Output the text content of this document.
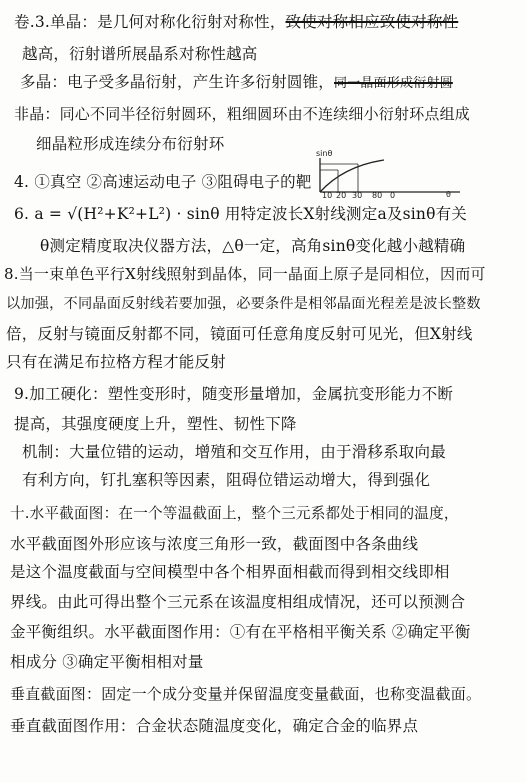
卷.3.单晶：是几何对称化衍射对称性，致使对称相应致使对称性
越高，衍射谱所展晶系对称性越高
多晶：电子受多晶衍射，产生许多衍射圆锥，同一晶面形成衍射圆
非晶：同心不同半径衍射圆环，粗细圆环由不连续细小衍射环点组成
细晶粒形成连续分布衍射环
sinθ
θ
10 20 30 80 0
4. ①真空 ②高速运动电子 ③阻碍电子的靶
6. a = √(H²+K²+L²) · sinθ 用特定波长X射线测定a及sinθ有关
θ测定精度取决仪器方法，△θ一定，高角sinθ变化越小越精确
8.当一束单色平行X射线照射到晶体，同一晶面上原子是同相位，因而可
以加强，不同晶面反射线若要加强，必要条件是相邻晶面光程差是波长整数
倍，反射与镜面反射都不同，镜面可任意角度反射可见光，但X射线
只有在满足布拉格方程才能反射
9.加工硬化：塑性变形时，随变形量增加，金属抗变形能力不断
提高，其强度硬度上升，塑性、韧性下降
机制：大量位错的运动，增殖和交互作用，由于滑移系取向最
有利方向，钉扎塞积等因素，阻碍位错运动增大，得到强化
十.水平截面图：在一个等温截面上，整个三元系都处于相同的温度，
水平截面图外形应该与浓度三角形一致，截面图中各条曲线
是这个温度截面与空间模型中各个相界面相截而得到相交线即相
界线。由此可得出整个三元系在该温度相组成情况，还可以预测合
金平衡组织。水平截面图作用：①有在平格相平衡关系 ②确定平衡
相成分 ③确定平衡相相对量
垂直截面图：固定一个成分变量并保留温度变量截面，也称变温截面。
垂直截面图作用：合金状态随温度变化，确定合金的临界点
